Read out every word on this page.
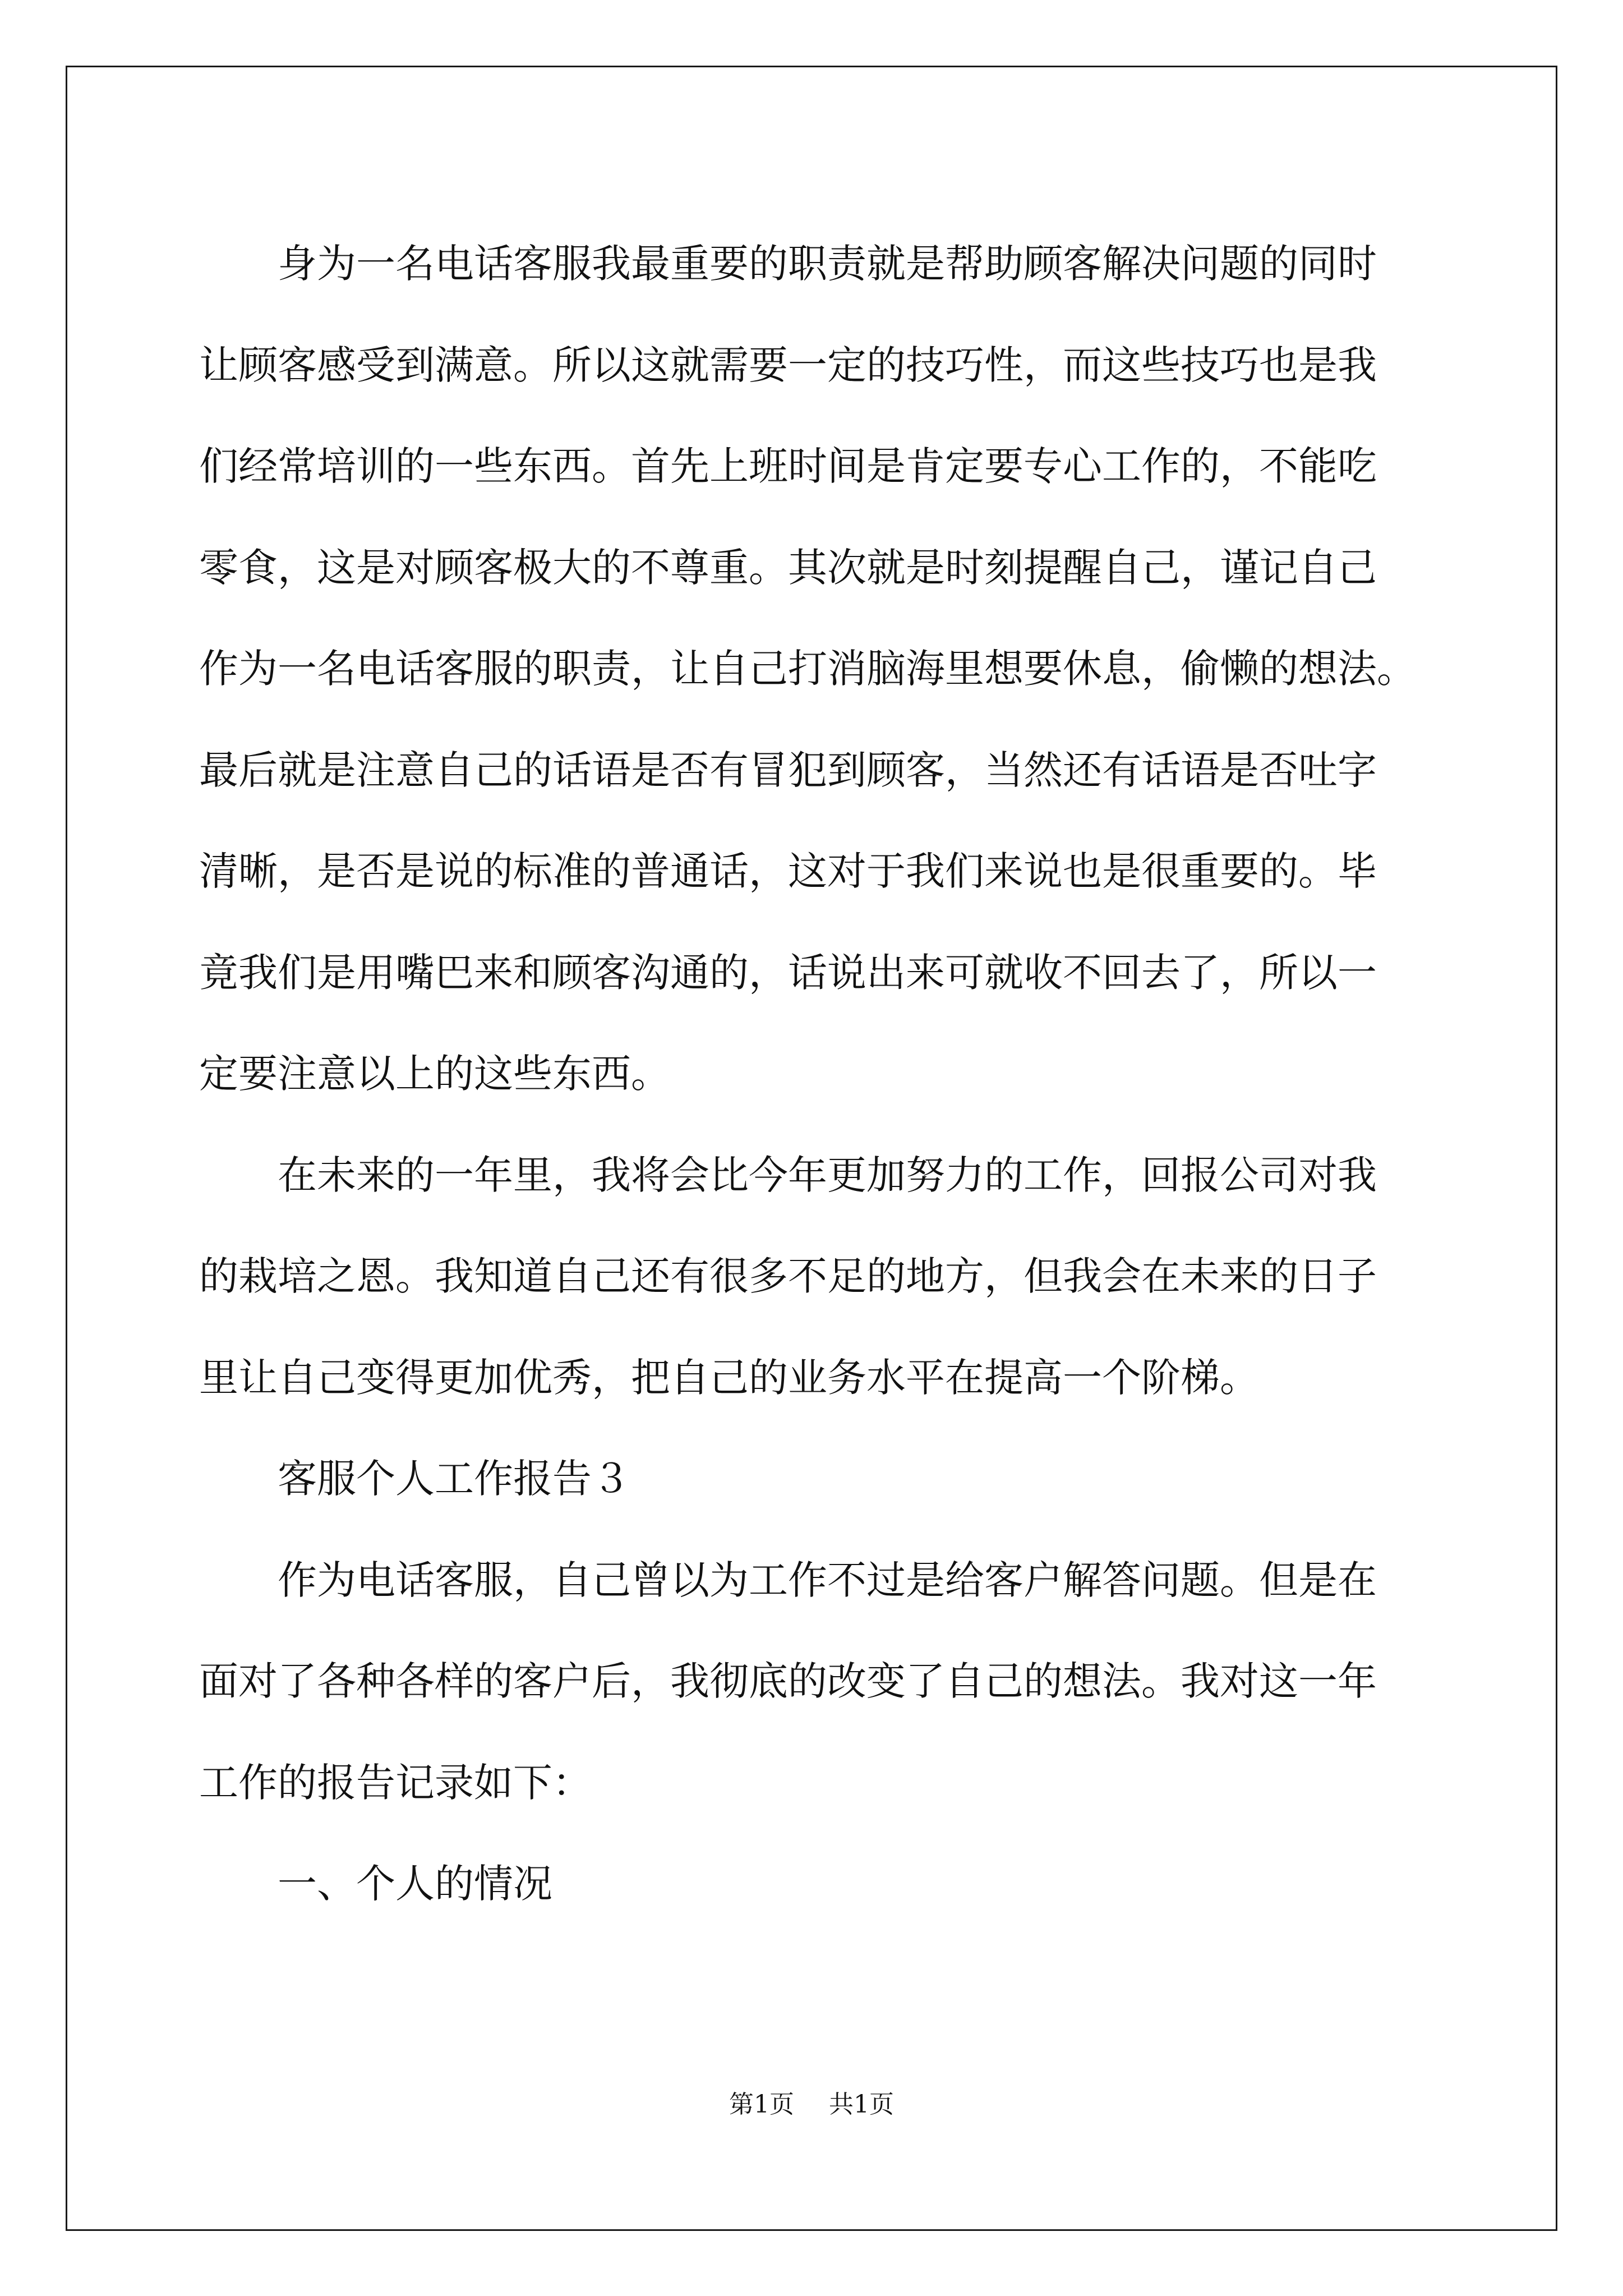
身为一名电话客服我最重要的职责就是帮助顾客解决问题的同时
让顾客感受到满意。所以这就需要一定的技巧性，而这些技巧也是我
们经常培训的一些东西。首先上班时间是肯定要专心工作的，不能吃
零食，这是对顾客极大的不尊重。其次就是时刻提醒自己，谨记自己
作为一名电话客服的职责，让自己打消脑海里想要休息，偷懒的想法。
最后就是注意自己的话语是否有冒犯到顾客，当然还有话语是否吐字
清晰，是否是说的标准的普通话，这对于我们来说也是很重要的。毕
竟我们是用嘴巴来和顾客沟通的，话说出来可就收不回去了，所以一
定要注意以上的这些东西。
在未来的一年里，我将会比今年更加努力的工作，回报公司对我
的栽培之恩。我知道自己还有很多不足的地方，但我会在未来的日子
里让自己变得更加优秀，把自己的业务水平在提高一个阶梯。
客服个人工作报告３
作为电话客服，自己曾以为工作不过是给客户解答问题。但是在
面对了各种各样的客户后，我彻底的改变了自己的想法。我对这一年
工作的报告记录如下：
一、个人的情况
第1页 共1页
